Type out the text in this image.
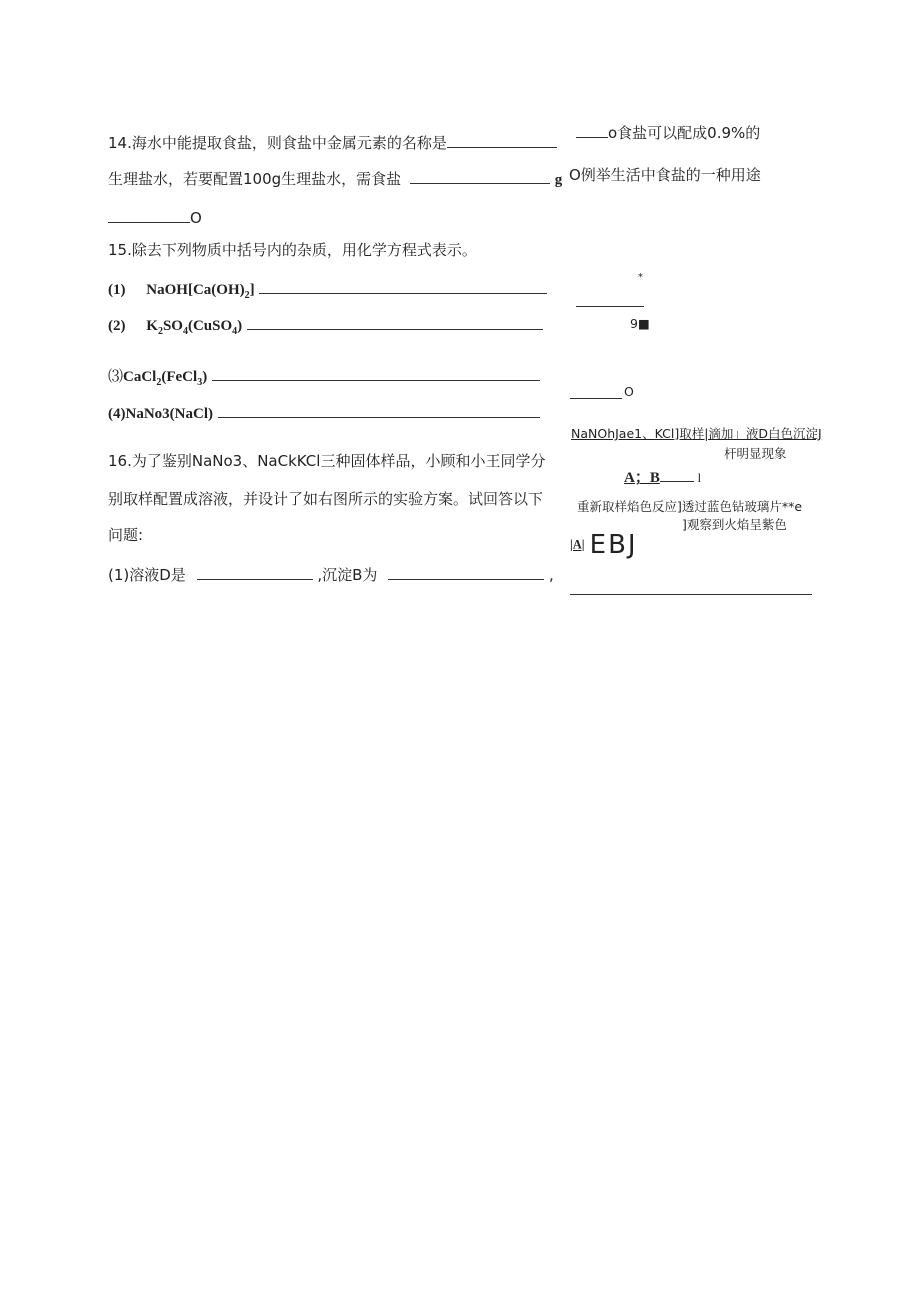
14.海水中能提取食盐，则食盐中金属元素的名称是
o食盐可以配成0.9%的
生理盐水，若要配置100g生理盐水，需食盐	g O例举生活中食盐的一种用途
O
15.除去下列物质中括号内的杂质，用化学方程式表示。
(1) $NaOH[Ca(OH)_2]$
(2) $K_2SO_4(CuSO_4)$
⑶CaCl$_2$(FeCl$_3$)
(4)NaNo3(NaCl)
16.为了鉴别NaNo3、NaCkKCl三种固体样品，小顾和小王同学分
别取样配置成溶液，并设计了如右图所示的实验方案。试回答以下
问题:
(1)溶液D是	,沉淀B为	,
*
9■
O
NaNOhJae1、KCl]取样|滴加」液D白色沉淀J
杆明显现象
A；B	l
重新取样焰色反应]透过蓝色钻玻璃片**e
]观察到火焰呈紫色
|A| EBJ
